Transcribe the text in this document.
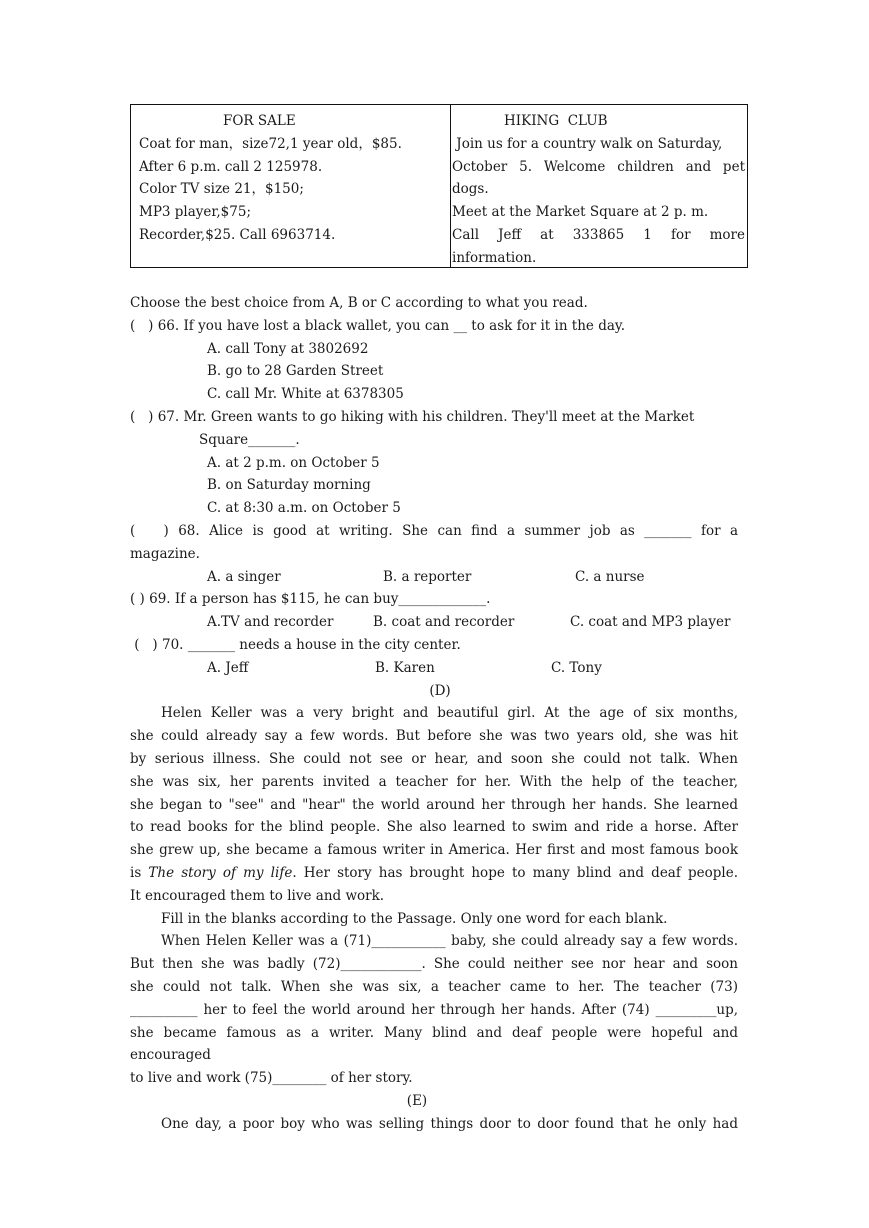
FOR SALE
Coat for man，size72,1 year old，$85.
After 6 p.m. call 2 125978.
Color TV size 21，$150;
MP3 player,$75;
Recorder,$25. Call 6963714.
HIKING  CLUB
Join us for a country walk on Saturday,
October 5. Welcome children and pet dogs.
Meet at the Market Square at 2 p. m.
Call Jeff at 333865 1 for more
information.
Choose the best choice from A, B or C according to what you read.
(   ) 66. If you have lost a black wallet, you can __ to ask for it in the day.
A. call Tony at 3802692
B. go to 28 Garden Street
C. call Mr. White at 6378305
(   ) 67. Mr. Green wants to go hiking with his children. They'll meet at the Market
Square_______.
A. at 2 p.m. on October 5
B. on Saturday morning
C. at 8:30 a.m. on October 5
(   ) 68. Alice is good at writing. She can find a summer job as _______ for a
magazine.
A. a singer	B. a reporter	C. a nurse
( ) 69. If a person has $115, he can buy_____________.
A.TV and recorder	B. coat and recorder	C. coat and MP3 player
(   ) 70. _______ needs a house in the city center.
A. Jeff	B. Karen	C. Tony
(D)
Helen Keller was a very bright and beautiful girl. At the age of six months,
she could already say a few words. But before she was two years old, she was hit
by serious illness. She could not see or hear, and soon she could not talk. When
she was six, her parents invited a teacher for her. With the help of the teacher,
she began to "see" and "hear" the world around her through her hands. She learned
to read books for the blind people. She also learned to swim and ride a horse. After
she grew up, she became a famous writer in America. Her first and most famous book
is The story of my life. Her story has brought hope to many blind and deaf people.
It encouraged them to live and work.
Fill in the blanks according to the Passage. Only one word for each blank.
When Helen Keller was a (71)___________ baby, she could already say a few words.
But then she was badly (72)____________. She could neither see nor hear and soon
she could not talk. When she was six, a teacher came to her. The teacher (73)
__________ her to feel the world around her through her hands. After (74) _________up,
she became famous as a writer. Many blind and deaf people were hopeful and encouraged
to live and work (75)________ of her story.
(E)
One day, a poor boy who was selling things door to door found that he only had
